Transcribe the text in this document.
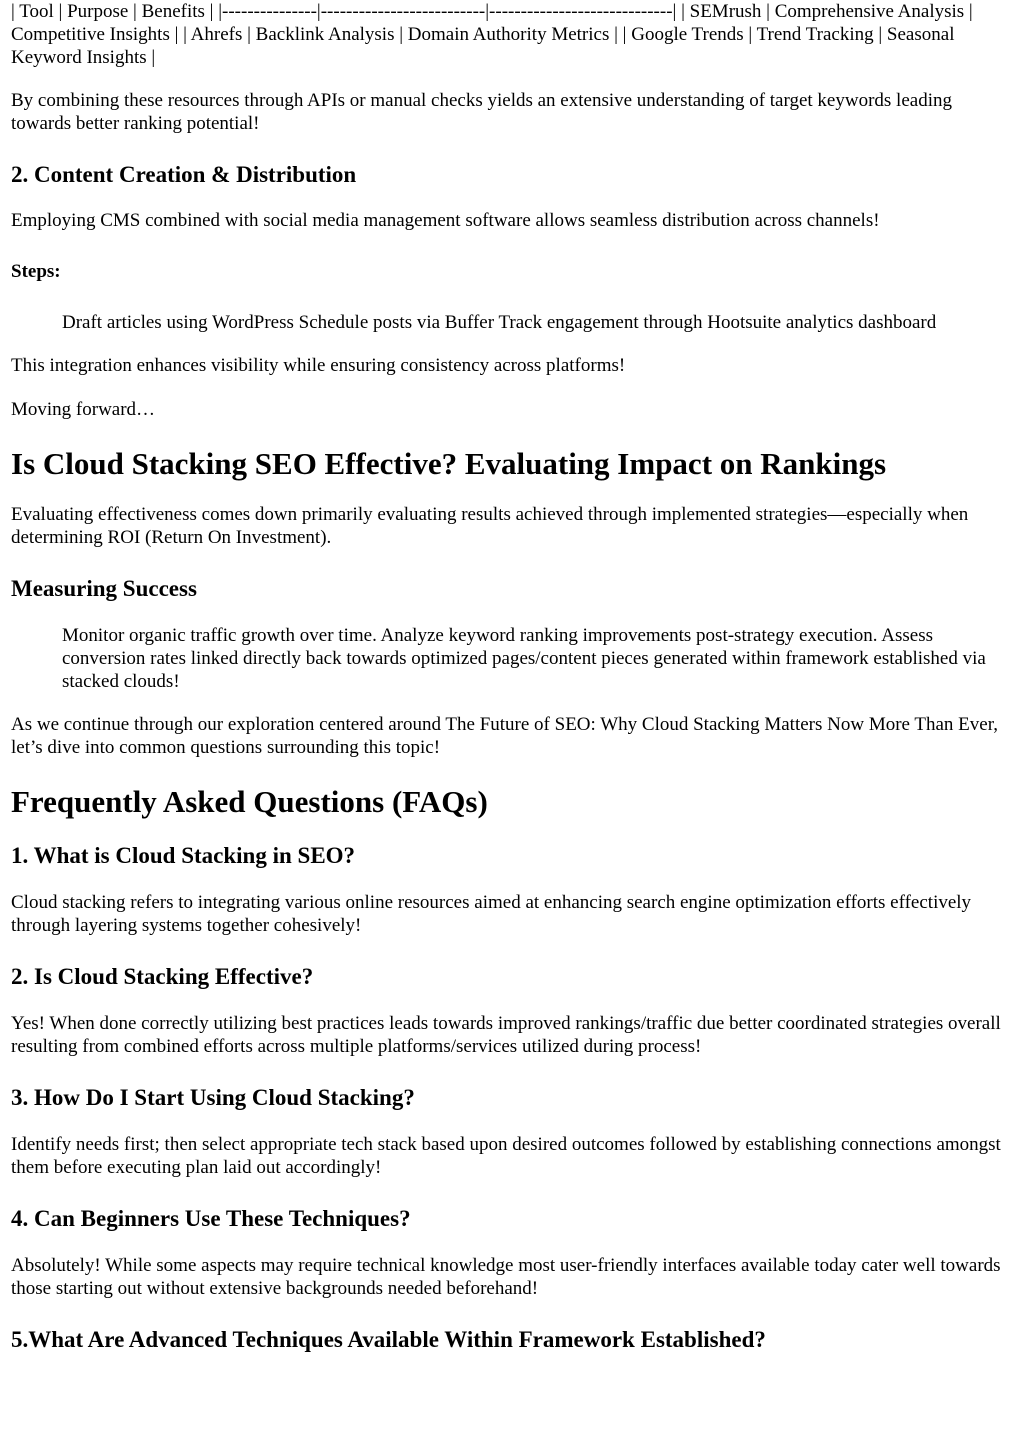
| Tool | Purpose | Benefits | |---------------|--------------------------|-----------------------------| | SEMrush | Comprehensive Analysis | Competitive Insights | | Ahrefs | Backlink Analysis | Domain Authority Metrics | | Google Trends | Trend Tracking | Seasonal Keyword Insights |

By combining these resources through APIs or manual checks yields an extensive understanding of target keywords leading towards better ranking potential!

2. Content Creation & Distribution

Employing CMS combined with social media management software allows seamless distribution across channels!

Steps:

Draft articles using WordPress Schedule posts via Buffer Track engagement through Hootsuite analytics dashboard

This integration enhances visibility while ensuring consistency across platforms!

Moving forward…

Is Cloud Stacking SEO Effective? Evaluating Impact on Rankings

Evaluating effectiveness comes down primarily evaluating results achieved through implemented strategies—especially when determining ROI (Return On Investment).

Measuring Success

Monitor organic traffic growth over time. Analyze keyword ranking improvements post-strategy execution. Assess conversion rates linked directly back towards optimized pages/content pieces generated within framework established via stacked clouds!

As we continue through our exploration centered around The Future of SEO: Why Cloud Stacking Matters Now More Than Ever, let’s dive into common questions surrounding this topic!

Frequently Asked Questions (FAQs)
1. What is Cloud Stacking in SEO?

Cloud stacking refers to integrating various online resources aimed at enhancing search engine optimization efforts effectively through layering systems together cohesively!

2. Is Cloud Stacking Effective?

Yes! When done correctly utilizing best practices leads towards improved rankings/traffic due better coordinated strategies overall resulting from combined efforts across multiple platforms/services utilized during process!

3. How Do I Start Using Cloud Stacking?

Identify needs first; then select appropriate tech stack based upon desired outcomes followed by establishing connections amongst them before executing plan laid out accordingly!

4. Can Beginners Use These Techniques?

Absolutely! While some aspects may require technical knowledge most user-friendly interfaces available today cater well towards those starting out without extensive backgrounds needed beforehand!

5.What Are Advanced Techniques Available Within Framework Established?
